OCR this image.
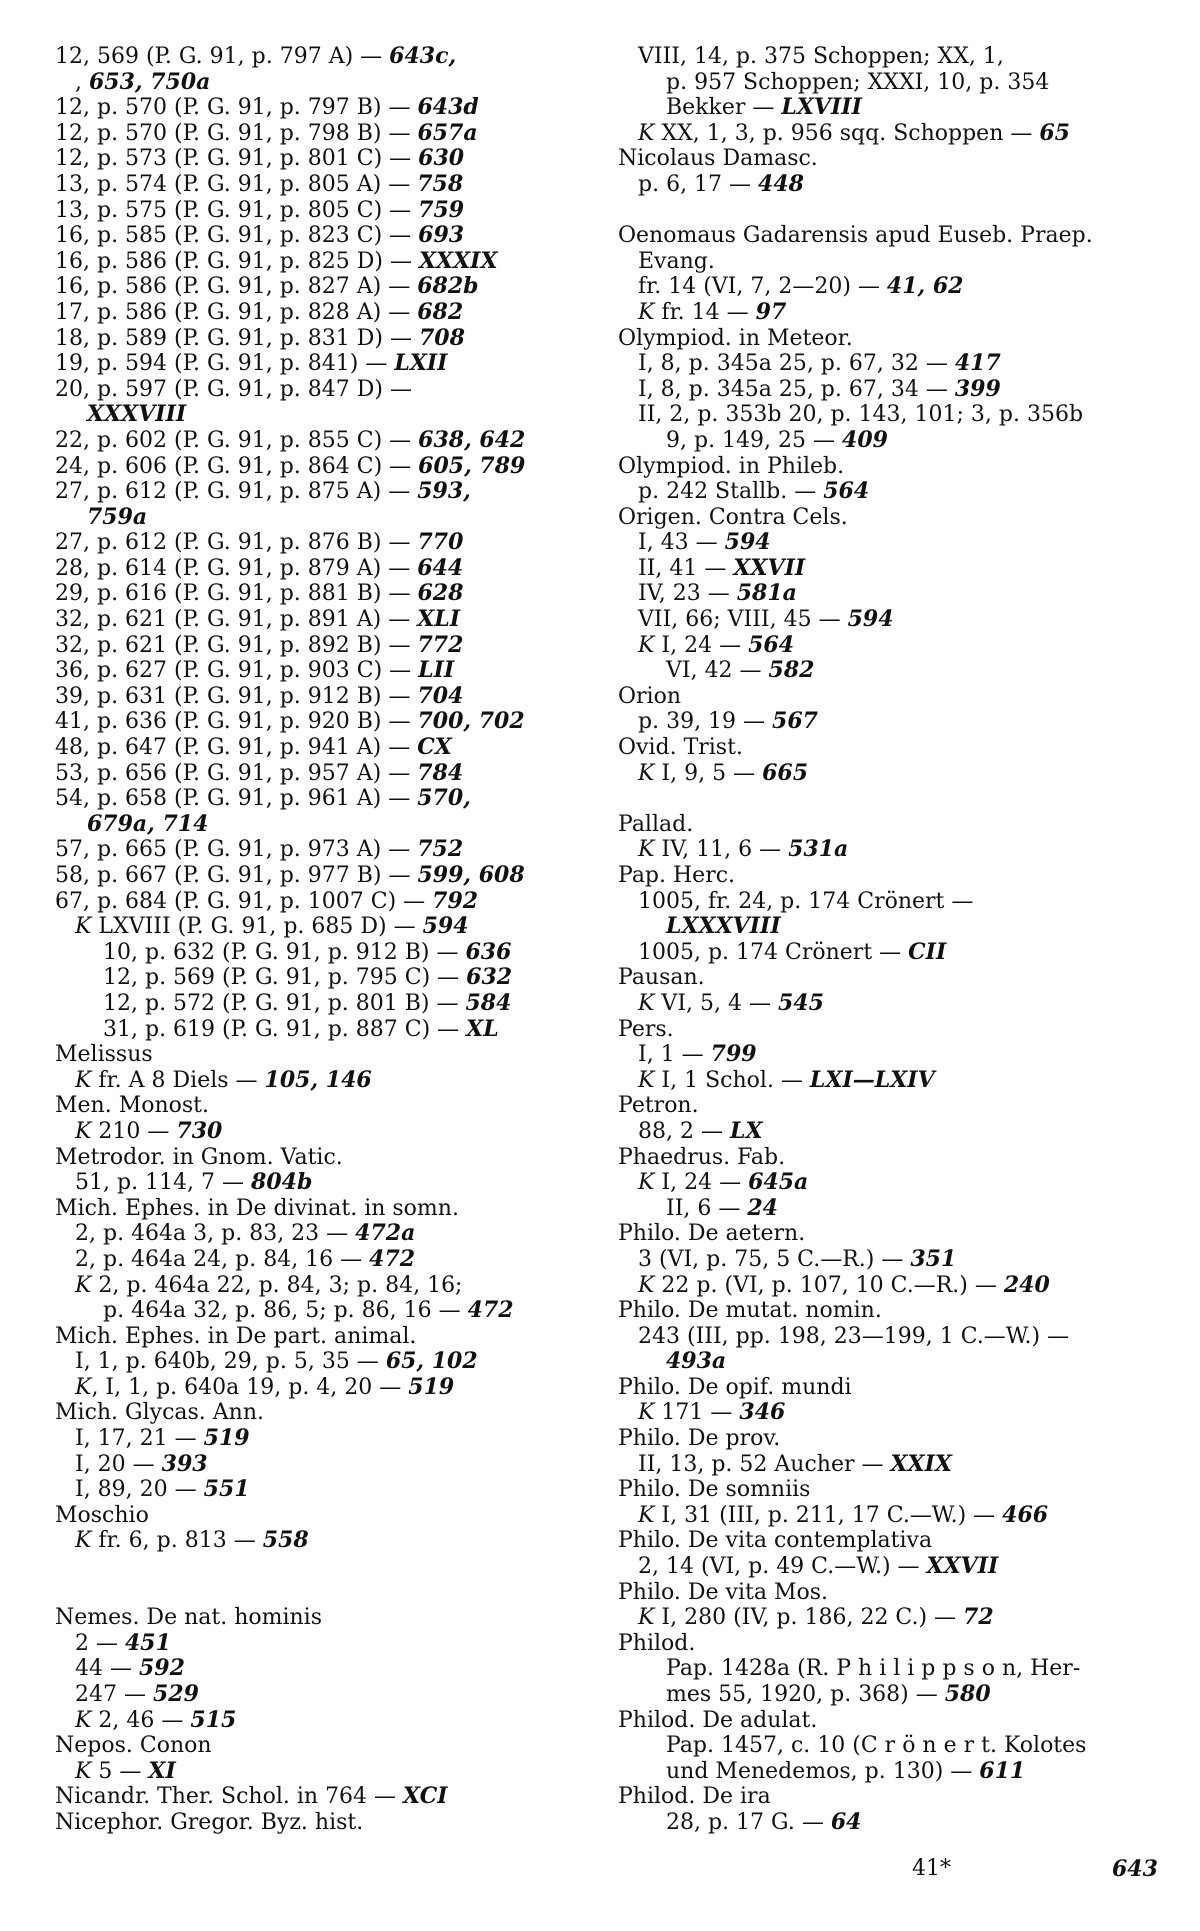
12, 569 (P. G. 91, p. 797 A) — 643c,
, 653, 750a
12, p. 570 (P. G. 91, p. 797 B) — 643d
12, p. 570 (P. G. 91, p. 798 B) — 657a
12, p. 573 (P. G. 91, p. 801 C) — 630
13, p. 574 (P. G. 91, p. 805 A) — 758
13, p. 575 (P. G. 91, p. 805 C) — 759
16, p. 585 (P. G. 91, p. 823 C) — 693
16, p. 586 (P. G. 91, p. 825 D) — XXXIX
16, p. 586 (P. G. 91, p. 827 A) — 682b
17, p. 586 (P. G. 91, p. 828 A) — 682
18, p. 589 (P. G. 91, p. 831 D) — 708
19, p. 594 (P. G. 91, p. 841) — LXII
20, p. 597 (P. G. 91, p. 847 D) —
XXXVIII
22, p. 602 (P. G. 91, p. 855 C) — 638, 642
24, p. 606 (P. G. 91, p. 864 C) — 605, 789
27, p. 612 (P. G. 91, p. 875 A) — 593,
759a
27, p. 612 (P. G. 91, p. 876 B) — 770
28, p. 614 (P. G. 91, p. 879 A) — 644
29, p. 616 (P. G. 91, p. 881 B) — 628
32, p. 621 (P. G. 91, p. 891 A) — XLI
32, p. 621 (P. G. 91, p. 892 B) — 772
36, p. 627 (P. G. 91, p. 903 C) — LII
39, p. 631 (P. G. 91, p. 912 B) — 704
41, p. 636 (P. G. 91, p. 920 B) — 700, 702
48, p. 647 (P. G. 91, p. 941 A) — CX
53, p. 656 (P. G. 91, p. 957 A) — 784
54, p. 658 (P. G. 91, p. 961 A) — 570,
679a, 714
57, p. 665 (P. G. 91, p. 973 A) — 752
58, p. 667 (P. G. 91, p. 977 B) — 599, 608
67, p. 684 (P. G. 91, p. 1007 C) — 792
K LXVIII (P. G. 91, p. 685 D) — 594
10, p. 632 (P. G. 91, p. 912 B) — 636
12, p. 569 (P. G. 91, p. 795 C) — 632
12, p. 572 (P. G. 91, p. 801 B) — 584
31, p. 619 (P. G. 91, p. 887 C) — XL
Melissus
K fr. A 8 Diels — 105, 146
Men. Monost.
K 210 — 730
Metrodor. in Gnom. Vatic.
51, p. 114, 7 — 804b
Mich. Ephes. in De divinat. in somn.
2, p. 464a 3, p. 83, 23 — 472a
2, p. 464a 24, p. 84, 16 — 472
K 2, p. 464a 22, p. 84, 3; p. 84, 16;
p. 464a 32, p. 86, 5; p. 86, 16 — 472
Mich. Ephes. in De part. animal.
I, 1, p. 640b, 29, p. 5, 35 — 65, 102
K, I, 1, p. 640a 19, p. 4, 20 — 519
Mich. Glycas. Ann.
I, 17, 21 — 519
I, 20 — 393
I, 89, 20 — 551
Moschio
K fr. 6, p. 813 — 558
Nemes. De nat. hominis
2 — 451
44 — 592
247 — 529
K 2, 46 — 515
Nepos. Conon
K 5 — XI
Nicandr. Ther. Schol. in 764 — XCI
Nicephor. Gregor. Byz. hist.
VIII, 14, p. 375 Schoppen; XX, 1,
p. 957 Schoppen; XXXI, 10, p. 354
Bekker — LXVIII
K XX, 1, 3, p. 956 sqq. Schoppen — 65
Nicolaus Damasc.
p. 6, 17 — 448
Oenomaus Gadarensis apud Euseb. Praep.
Evang.
fr. 14 (VI, 7, 2—20) — 41, 62
K fr. 14 — 97
Olympiod. in Meteor.
I, 8, p. 345a 25, p. 67, 32 — 417
I, 8, p. 345a 25, p. 67, 34 — 399
II, 2, p. 353b 20, p. 143, 101; 3, p. 356b
9, p. 149, 25 — 409
Olympiod. in Phileb.
p. 242 Stallb. — 564
Origen. Contra Cels.
I, 43 — 594
II, 41 — XXVII
IV, 23 — 581a
VII, 66; VIII, 45 — 594
K I, 24 — 564
VI, 42 — 582
Orion
p. 39, 19 — 567
Ovid. Trist.
K I, 9, 5 — 665
Pallad.
K IV, 11, 6 — 531a
Pap. Herc.
1005, fr. 24, p. 174 Crönert —
LXXXVIII
1005, p. 174 Crönert — CII
Pausan.
K VI, 5, 4 — 545
Pers.
I, 1 — 799
K I, 1 Schol. — LXI—LXIV
Petron.
88, 2 — LX
Phaedrus. Fab.
K I, 24 — 645a
II, 6 — 24
Philo. De aetern.
3 (VI, p. 75, 5 C.—R.) — 351
K 22 p. (VI, p. 107, 10 C.—R.) — 240
Philo. De mutat. nomin.
243 (III, pp. 198, 23—199, 1 C.—W.) —
493a
Philo. De opif. mundi
K 171 — 346
Philo. De prov.
II, 13, p. 52 Aucher — XXIX
Philo. De somniis
K I, 31 (III, p. 211, 17 C.—W.) — 466
Philo. De vita contemplativa
2, 14 (VI, p. 49 C.—W.) — XXVII
Philo. De vita Mos.
K I, 280 (IV, p. 186, 22 C.) — 72
Philod.
Pap. 1428a (R. P h i l i p p s o n, Her-
mes 55, 1920, p. 368) — 580
Philod. De adulat.
Pap. 1457, c. 10 (C r ö n e r t. Kolotes
und Menedemos, p. 130) — 611
Philod. De ira
28, p. 17 G. — 64
41*	643
